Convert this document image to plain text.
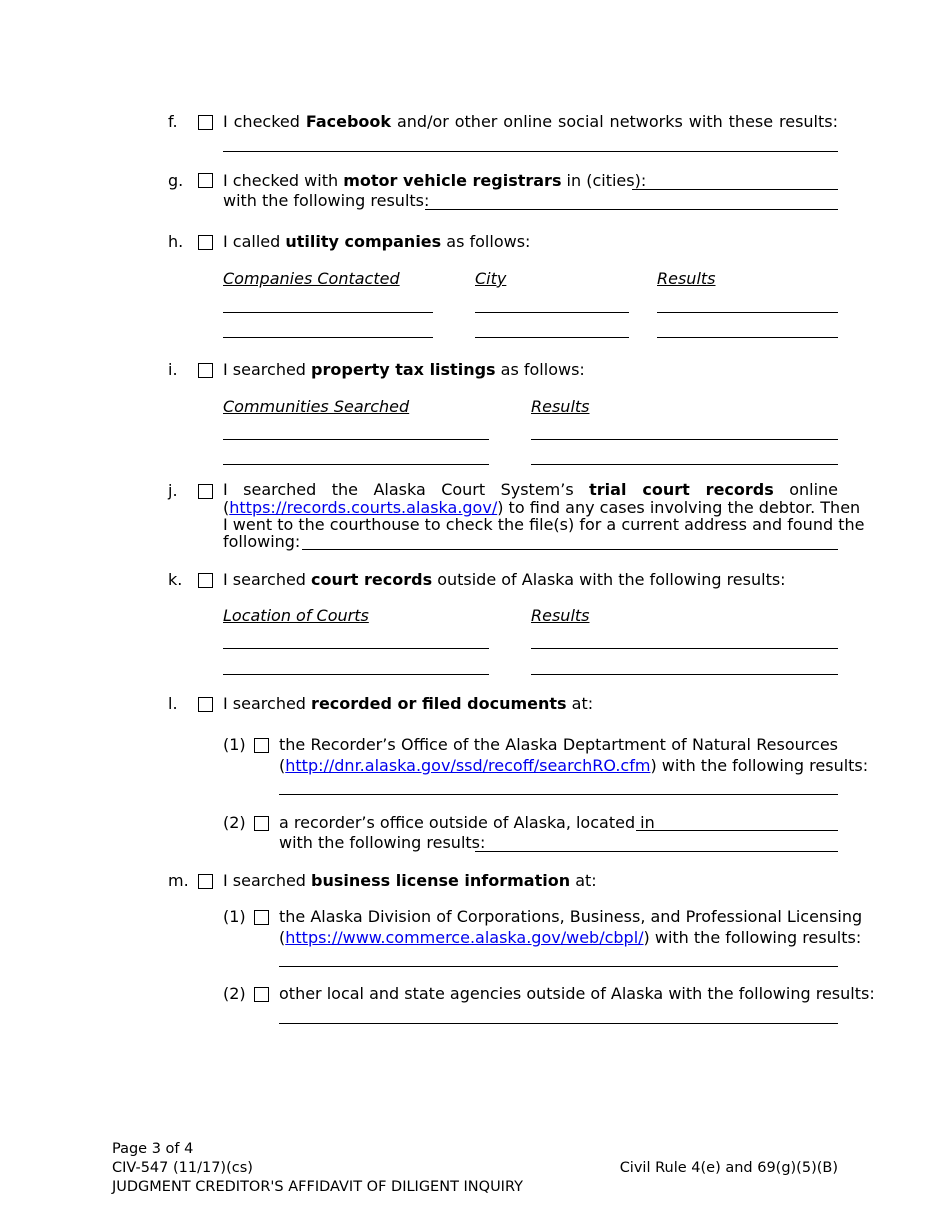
f.	I checked Facebook and/or other online social networks with these results:
g. I checked with motor vehicle registrars in (cities):
with the following results:
h. I called utility companies as follows:
Companies Contacted	City	Results
i.	I searched property tax listings as follows:
Communities Searched	Results
j.	I searched the Alaska Court System’s trial court records online
(https://records.courts.alaska.gov/) to find any cases involving the debtor. Then
I went to the courthouse to check the file(s) for a current address and found the
following:
k.	I searched court records outside of Alaska with the following results:
Location of Courts	Results
l.	I searched recorded or filed documents at:
(1) the Recorder’s Office of the Alaska Deptartment of Natural Resources
(http://dnr.alaska.gov/ssd/recoff/searchRO.cfm) with the following results:
(2) a recorder’s office outside of Alaska, located in
with the following results:
m. I searched business license information at:
(1) the Alaska Division of Corporations, Business, and Professional Licensing
(https://www.commerce.alaska.gov/web/cbpl/) with the following results:
(2) other local and state agencies outside of Alaska with the following results:
Page 3 of 4
CIV-547 (11/17)(cs)
JUDGMENT CREDITOR'S AFFIDAVIT OF DILIGENT INQUIRY
Civil Rule 4(e) and 69(g)(5)(B)
